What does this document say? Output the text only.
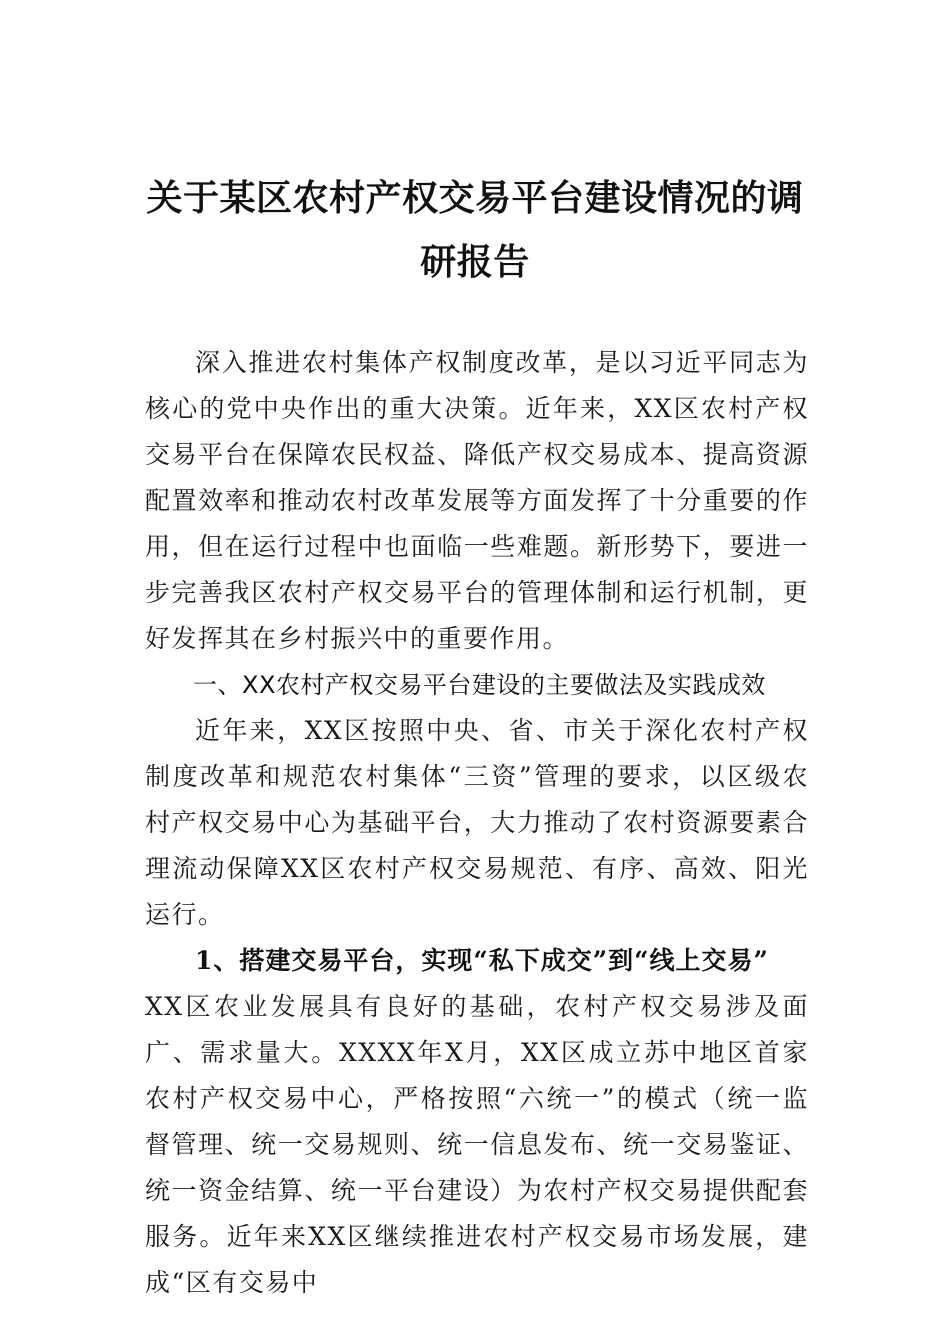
关于某区农村产权交易平台建设情况的调
研报告

深入推进农村集体产权制度改革，是以习近平同志为核心的党中央作出的重大决策。近年来，XX区农村产权交易平台在保障农民权益、降低产权交易成本、提高资源配置效率和推动农村改革发展等方面发挥了十分重要的作用，但在运行过程中也面临一些难题。新形势下，要进一步完善我区农村产权交易平台的管理体制和运行机制，更好发挥其在乡村振兴中的重要作用。

一、XX农村产权交易平台建设的主要做法及实践成效

近年来，XX区按照中央、省、市关于深化农村产权制度改革和规范农村集体“三资”管理的要求，以区级农村产权交易中心为基础平台，大力推动了农村资源要素合理流动保障XX区农村产权交易规范、有序、高效、阳光运行。

1、搭建交易平台，实现“私下成交”到“线上交易”

XX区农业发展具有良好的基础，农村产权交易涉及面广、需求量大。XXXX年X月，XX区成立苏中地区首家农村产权交易中心，严格按照“六统一”的模式（统一监督管理、统一交易规则、统一信息发布、统一交易鉴证、统一资金结算、统一平台建设）为农村产权交易提供配套服务。近年来XX区继续推进农村产权交易市场发展，建成“区有交易中
